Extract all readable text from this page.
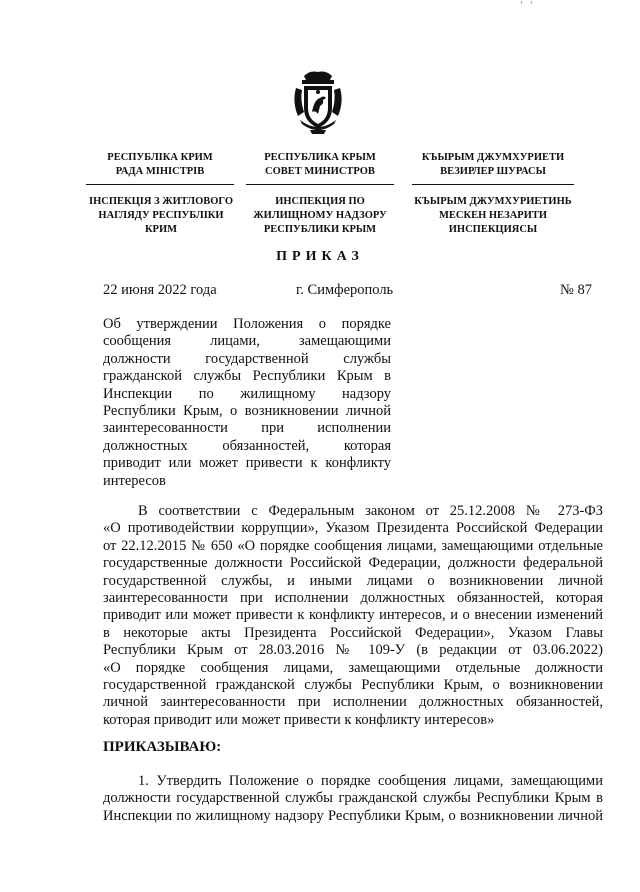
‘ ‘
РЕСПУБЛІКА КРИМ
РАДА МІНІСТРІВ
РЕСПУБЛИКА КРЫМ
СОВЕТ МИНИСТРОВ
КЪЫРЫМ ДЖУМХУРИЕТИ
ВЕЗИРЛЕР ШУРАСЫ
ІНСПЕКЦІЯ З ЖИТЛОВОГО
НАГЛЯДУ РЕСПУБЛІКИ
КРИМ
ИНСПЕКЦИЯ ПО
ЖИЛИЩНОМУ НАДЗОРУ
РЕСПУБЛИКИ КРЫМ
КЪЫРЫМ ДЖУМХУРИЕТИНЬ
МЕСКЕН НЕЗАРИТИ
ИНСПЕКЦИЯСЫ
ПРИКАЗ
22 июня 2022 года	г. Симферополь	№ 87
Об утверждении Положения о порядке
сообщения лицами, замещающими
должности государственной службы
гражданской службы Республики Крым в
Инспекции по жилищному надзору
Республики Крым, о возникновении личной
заинтересованности при исполнении
должностных обязанностей, которая
приводит или может привести к конфликту
интересов
В соответствии с Федеральным законом от 25.12.2008 № 273-ФЗ
«О противодействии коррупции», Указом Президента Российской Федерации
от 22.12.2015 № 650 «О порядке сообщения лицами, замещающими отдельные
государственные должности Российской Федерации, должности федеральной
государственной службы, и иными лицами о возникновении личной
заинтересованности при исполнении должностных обязанностей, которая
приводит или может привести к конфликту интересов, и о внесении изменений
в некоторые акты Президента Российской Федерации», Указом Главы
Республики Крым от 28.03.2016 № 109-У (в редакции от 03.06.2022)
«О порядке сообщения лицами, замещающими отдельные должности
государственной гражданской службы Республики Крым, о возникновении
личной заинтересованности при исполнении должностных обязанностей,
которая приводит или может привести к конфликту интересов»
ПРИКАЗЫВАЮ:
1. Утвердить Положение о порядке сообщения лицами, замещающими
должности государственной службы гражданской службы Республики Крым в
Инспекции по жилищному надзору Республики Крым, о возникновении личной
